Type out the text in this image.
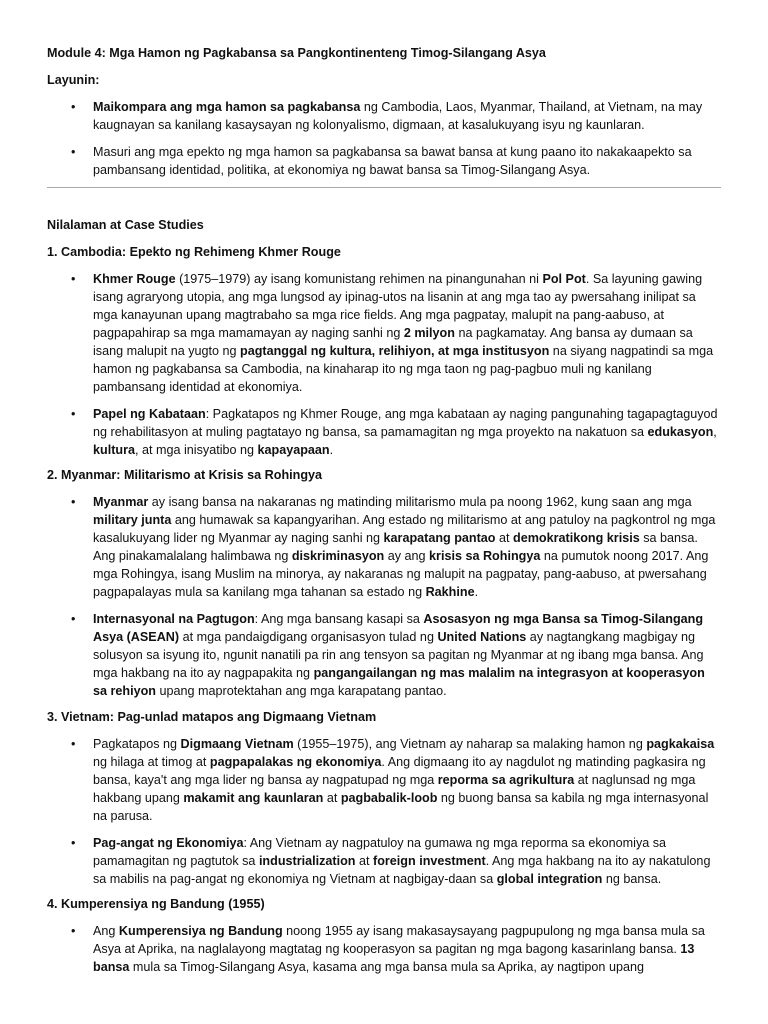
Module 4: Mga Hamon ng Pagkabansa sa Pangkontinenteng Timog-Silangang Asya
Layunin:
• Maikompara ang mga hamon sa pagkabansa ng Cambodia, Laos, Myanmar, Thailand, at Vietnam, na may kaugnayan sa kanilang kasaysayan ng kolonyalismo, digmaan, at kasalukuyang isyu ng kaunlaran.
• Masuri ang mga epekto ng mga hamon sa pagkabansa sa bawat bansa at kung paano ito nakakaapekto sa pambansang identidad, politika, at ekonomiya ng bawat bansa sa Timog-Silangang Asya.
Nilalaman at Case Studies
1. Cambodia: Epekto ng Rehimeng Khmer Rouge
• Khmer Rouge (1975–1979) ay isang komunistang rehimen na pinangunahan ni Pol Pot. Sa layuning gawing isang agraryong utopia, ang mga lungsod ay ipinag-utos na lisanin at ang mga tao ay pwersahang inilipat sa mga kanayunan upang magtrabaho sa mga rice fields. Ang mga pagpatay, malupit na pang-aabuso, at pagpapahirap sa mga mamamayan ay naging sanhi ng 2 milyon na pagkamatay. Ang bansa ay dumaan sa isang malupit na yugto ng pagtanggal ng kultura, relihiyon, at mga institusyon na siyang nagpatindi sa mga hamon ng pagkabansa sa Cambodia, na kinaharap ito ng mga taon ng pag-pagbuo muli ng kanilang pambansang identidad at ekonomiya.
• Papel ng Kabataan: Pagkatapos ng Khmer Rouge, ang mga kabataan ay naging pangunahing tagapagtaguyod ng rehabilitasyon at muling pagtatayo ng bansa, sa pamamagitan ng mga proyekto na nakatuon sa edukasyon, kultura, at mga inisyatibo ng kapayapaan.
2. Myanmar: Militarismo at Krisis sa Rohingya
• Myanmar ay isang bansa na nakaranas ng matinding militarismo mula pa noong 1962, kung saan ang mga military junta ang humawak sa kapangyarihan. Ang estado ng militarismo at ang patuloy na pagkontrol ng mga kasalukuyang lider ng Myanmar ay naging sanhi ng karapatang pantao at demokratikong krisis sa bansa. Ang pinakamalalang halimbawa ng diskriminasyon ay ang krisis sa Rohingya na pumutok noong 2017. Ang mga Rohingya, isang Muslim na minorya, ay nakaranas ng malupit na pagpatay, pang-aabuso, at pwersahang pagpapalayas mula sa kanilang mga tahanan sa estado ng Rakhine.
• Internasyonal na Pagtugon: Ang mga bansang kasapi sa Asosasyon ng mga Bansa sa Timog-Silangang Asya (ASEAN) at mga pandaigdigang organisasyon tulad ng United Nations ay nagtangkang magbigay ng solusyon sa isyung ito, ngunit nanatili pa rin ang tensyon sa pagitan ng Myanmar at ng ibang mga bansa. Ang mga hakbang na ito ay nagpapakita ng pangangailangan ng mas malalim na integrasyon at kooperasyon sa rehiyon upang maprotektahan ang mga karapatang pantao.
3. Vietnam: Pag-unlad matapos ang Digmaang Vietnam
• Pagkatapos ng Digmaang Vietnam (1955–1975), ang Vietnam ay naharap sa malaking hamon ng pagkakaisa ng hilaga at timog at pagpapalakas ng ekonomiya. Ang digmaang ito ay nagdulot ng matinding pagkasira ng bansa, kaya't ang mga lider ng bansa ay nagpatupad ng mga reporma sa agrikultura at naglunsad ng mga hakbang upang makamit ang kaunlaran at pagbabalik-loob ng buong bansa sa kabila ng mga internasyonal na parusa.
• Pag-angat ng Ekonomiya: Ang Vietnam ay nagpatuloy na gumawa ng mga reporma sa ekonomiya sa pamamagitan ng pagtutok sa industrialization at foreign investment. Ang mga hakbang na ito ay nakatulong sa mabilis na pag-angat ng ekonomiya ng Vietnam at nagbigay-daan sa global integration ng bansa.
4. Kumperensiya ng Bandung (1955)
• Ang Kumperensiya ng Bandung noong 1955 ay isang makasaysayang pagpupulong ng mga bansa mula sa Asya at Aprika, na naglalayong magtatag ng kooperasyon sa pagitan ng mga bagong kasarinlang bansa. 13 bansa mula sa Timog-Silangang Asya, kasama ang mga bansa mula sa Aprika, ay nagtipon upang
